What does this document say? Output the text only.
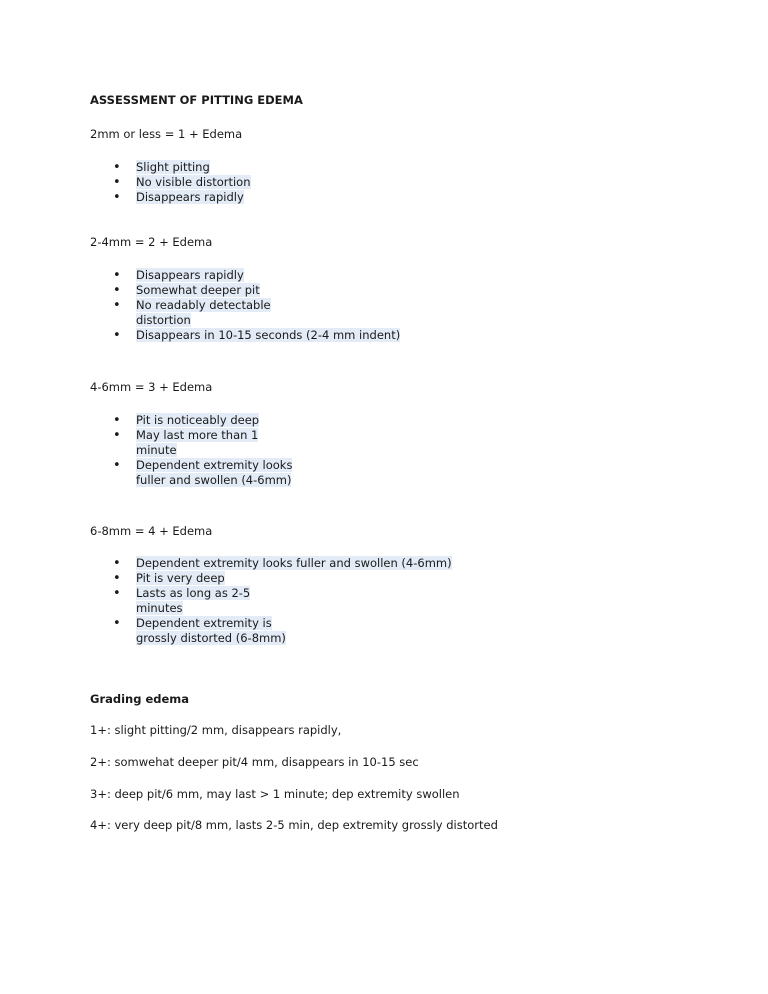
ASSESSMENT OF PITTING EDEMA
2mm or less = 1 + Edema
• Slight pitting
• No visible distortion
• Disappears rapidly
2-4mm = 2 + Edema
• Disappears rapidly
• Somewhat deeper pit
• No readably detectable
distortion
• Disappears in 10-15 seconds (2-4 mm indent)
4-6mm = 3 + Edema
• Pit is noticeably deep
• May last more than 1
minute
• Dependent extremity looks
fuller and swollen (4-6mm)
6-8mm = 4 + Edema
• Dependent extremity looks fuller and swollen (4-6mm)
• Pit is very deep
• Lasts as long as 2-5
minutes
• Dependent extremity is
grossly distorted (6-8mm)
Grading edema
1+: slight pitting/2 mm, disappears rapidly,
2+: somwehat deeper pit/4 mm, disappears in 10-15 sec
3+: deep pit/6 mm, may last > 1 minute; dep extremity swollen
4+: very deep pit/8 mm, lasts 2-5 min, dep extremity grossly distorted
